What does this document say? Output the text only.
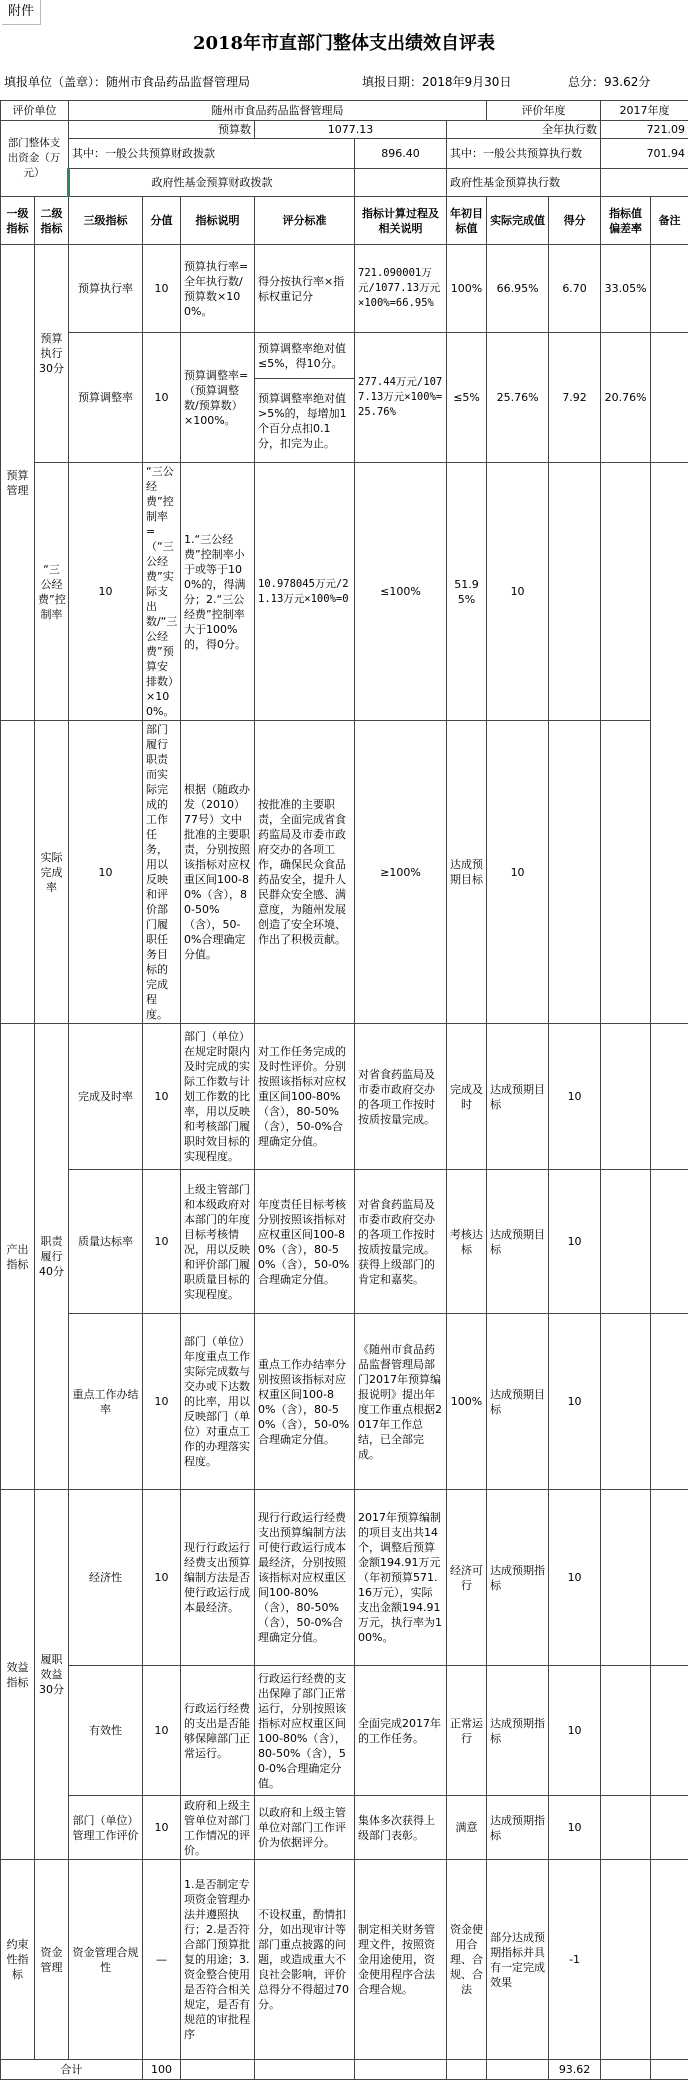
附件
2018年市直部门整体支出绩效自评表
填报单位（盖章）：随州市食品药品监督管理局	填报日期：2018年9月30日	总分：93.62分
评价单位		随州市食品药品监督管理局						评价年度		2017年度	
部门整体支出资金（万元）		预算数			1077.13		全年执行数			721.09	
		其中：一般公共预算财政拨款				896.40	其中：一般公共预算执行数			701.94	
		政府性基金预算财政拨款					政府性基金预算执行数				
一级指标	二级指标	三级指标	分值	指标说明	评分标准	指标计算过程及相关说明	年初目标值	实际完成值	得分	指标值偏差率	备注
预算管理	预算执行30分	预算执行率	10	预算执行率=全年执行数/预算数×100%。	得分按执行率×指标权重记分	721.090001万元/1077.13万元×100%=66.95%	100%	66.95%	6.70	33.05%	
		预算调整率	10	预算调整率=（预算调整数/预算数）×100%。	预算调整率绝对值≤5%，得10分。	277.44万元/1077.13万元×100%=25.76%	≤5%	25.76%	7.92	20.76%	
					预算调整率绝对值>5%的，每增加1个百分点扣0.1分，扣完为止。						
	“三公经费”控制率	10	“三公经费”控制率=（“三公经费”实际支出数/“三公经费”预算安排数）×100%。	1.“三公经费”控制率小于或等于100%的，得满分；2.“三公经费”控制率大于100%的，得0分。	10.978045万元/21.13万元×100%=0	≤100%	51.95%	10			
	实际完成率	10	部门履行职责而实际完成的工作任务，用以反映和评价部门履职任务目标的完成程度。	根据（随政办发（2010）77号）文中批准的主要职责，分别按照该指标对应权重区间100-80%（含），80-50%（含），50-0%合理确定分值。	按批准的主要职责，全面完成省食药监局及市委市政府交办的各项工作，确保民众食品药品安全，提升人民群众安全感、满意度，为随州发展创造了安全环境、作出了积极贡献。	≥100%	达成预期目标	10			
产出指标	职责履行40分	完成及时率	10	部门（单位）在规定时限内及时完成的实际工作数与计划工作数的比率，用以反映和考核部门履职时效目标的实现程度。	对工作任务完成的及时性评价。分别按照该指标对应权重区间100-80%（含），80-50%（含），50-0%合理确定分值。	对省食药监局及市委市政府交办的各项工作按时按质按量完成。	完成及时	达成预期目标	10		
		质量达标率	10	上级主管部门和本级政府对本部门的年度目标考核情况，用以反映和评价部门履职质量目标的实现程度。	年度责任目标考核分别按照该指标对应权重区间100-80%（含），80-50%（含），50-0%合理确定分值。	对省食药监局及市委市政府交办的各项工作按时按质按量完成。获得上级部门的肯定和嘉奖。	考核达标	达成预期目标	10		
		重点工作办结率	10	部门（单位）年度重点工作实际完成数与交办或下达数的比率，用以反映部门（单位）对重点工作的办理落实程度。	重点工作办结率分别按照该指标对应权重区间100-80%（含），80-50%（含），50-0%合理确定分值。	《随州市食品药品监督管理局部门2017年预算编报说明》提出年度工作重点根据2017年工作总结，已全部完成。	100%	达成预期目标	10		
效益指标	履职效益30分	经济性	10	现行行政运行经费支出预算编制方法是否使行政运行成本最经济。	现行行政运行经费支出预算编制方法可使行政运行成本最经济，分别按照该指标对应权重区间100-80%（含），80-50%（含），50-0%合理确定分值。	2017年预算编制的项目支出共14个，调整后预算金额194.91万元（年初预算571.16万元），实际支出金额194.91万元，执行率为100%。	经济可行	达成预期指标	10		
		有效性	10	行政运行经费的支出是否能够保障部门正常运行。	行政运行经费的支出保障了部门正常运行，分别按照该指标对应权重区间100-80%（含），80-50%（含），50-0%合理确定分值。	全面完成2017年的工作任务。	正常运行	达成预期指标	10		
		部门（单位）管理工作评价	10	政府和上级主管单位对部门工作情况的评价。	以政府和上级主管单位对部门工作评价为依据评分。	集体多次获得上级部门表彰。	满意	达成预期指标	10		
约束性指标	资金管理	资金管理合规性	—	1.是否制定专项资金管理办法并遵照执行；2.是否符合部门预算批复的用途；3.资金整合使用是否符合相关规定，是否有规范的审批程序	不设权重，酌情扣分，如出现审计等部门重点披露的问题，或造成重大不良社会影响，评价总得分不得超过70分。	制定相关财务管理文件，按照资金用途使用，资金使用程序合法合理合规。	资金使用合理、合规、合法	部分达成预期指标并具有一定完成效果	-1		
合计			100						93.62		
